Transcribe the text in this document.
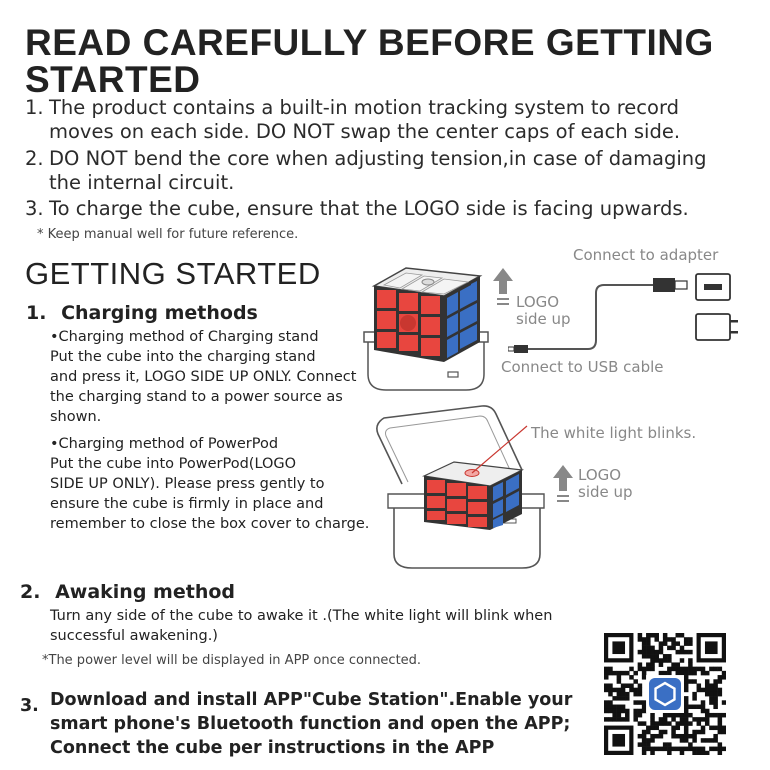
READ CAREFULLY BEFORE GETTING
STARTED
1. The product contains a built-in motion tracking system to record
moves on each side. DO NOT swap the center caps of each side.
2. DO NOT bend the core when adjusting tension,in case of damaging
the internal circuit.
3. To charge the cube, ensure that the LOGO side is facing upwards.
* Keep manual well for future reference.
GETTING STARTED
1. Charging methods
•Charging method of Charging stand
Put the cube into the charging stand
and press it, LOGO SIDE UP ONLY. Connect
the charging stand to a power source as
shown.
•Charging method of PowerPod
Put the cube into PowerPod(LOGO
SIDE UP ONLY). Please press gently to
ensure the cube is firmly in place and
remember to close the box cover to charge.
LOGO
side up
Connect to adapter
Connect to USB cable
The white light blinks.
LOGO
side up
2. Awaking method
Turn any side of the cube to awake it .(The white light will blink when
successful awakening.)
*The power level will be displayed in APP once connected.
3. Download and install APP"Cube Station".Enable your
smart phone's Bluetooth function and open the APP;
Connect the cube per instructions in the APP
